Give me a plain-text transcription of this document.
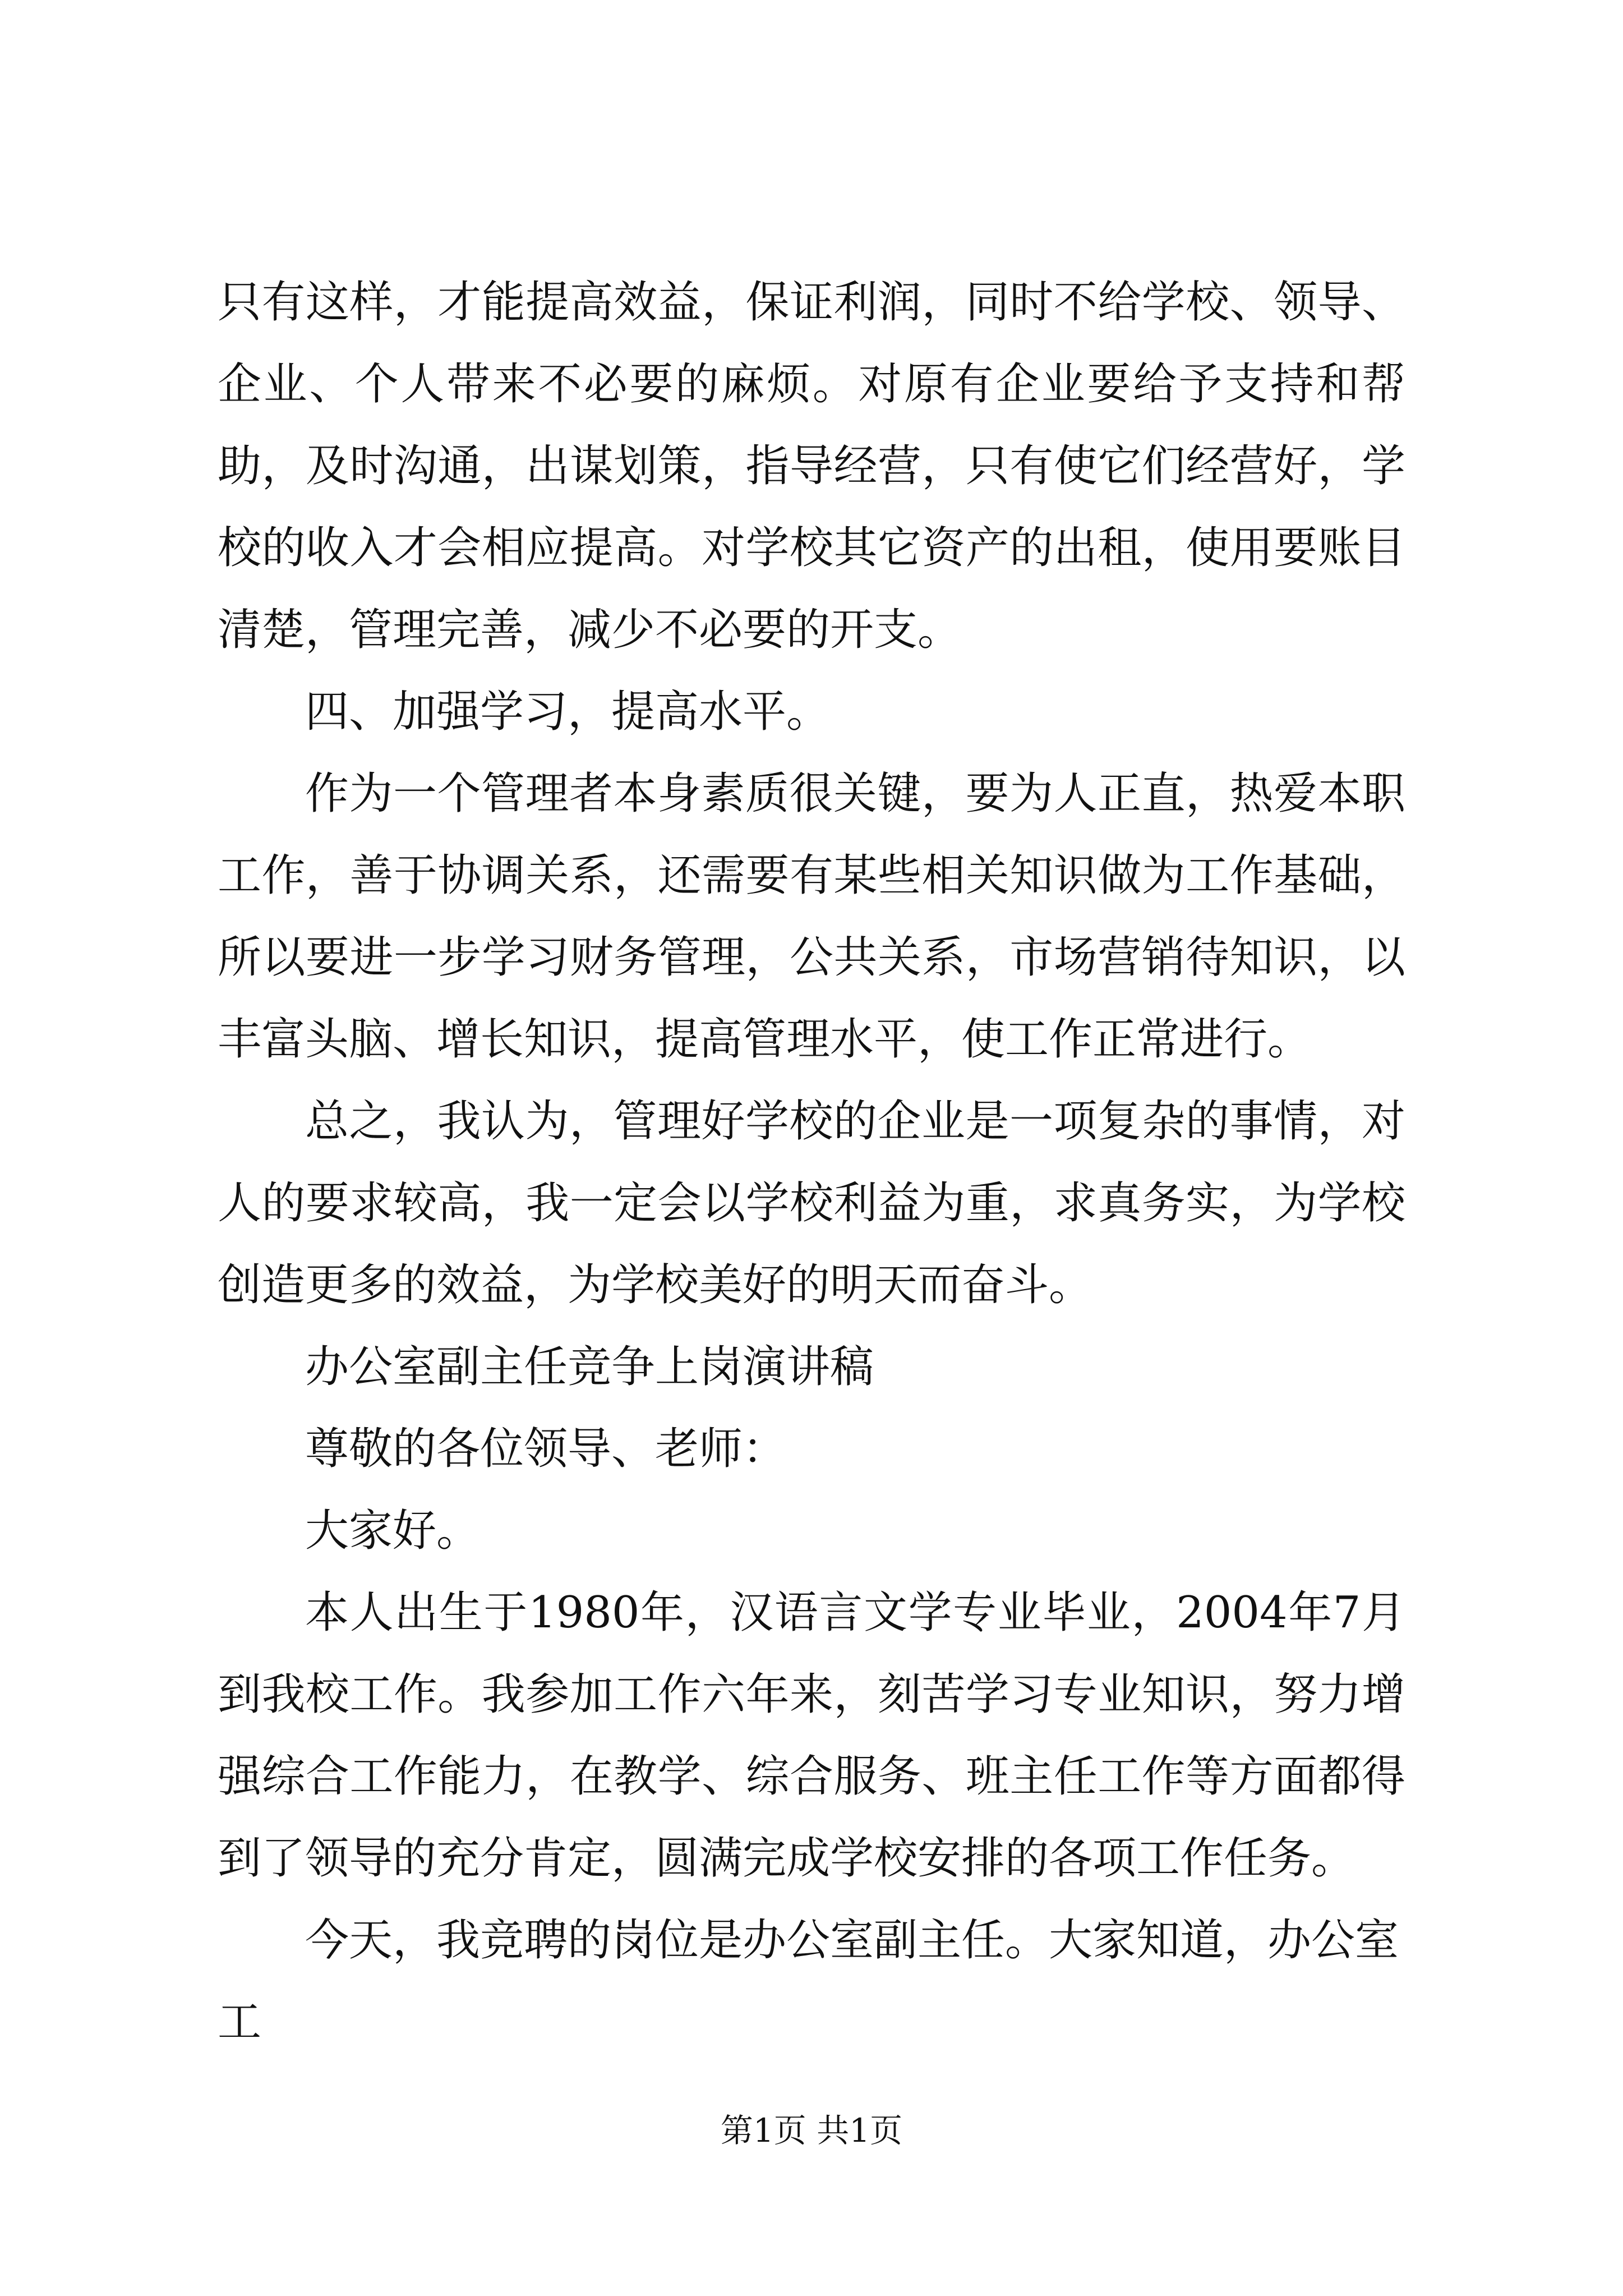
只有这样，才能提高效益，保证利润，同时不给学校、领导、企业、个人带来不必要的麻烦。对原有企业要给予支持和帮助，及时沟通，出谋划策，指导经营，只有使它们经营好，学校的收入才会相应提高。对学校其它资产的出租，使用要账目清楚，管理完善，减少不必要的开支。

四、加强学习，提高水平。

作为一个管理者本身素质很关键，要为人正直，热爱本职工作，善于协调关系，还需要有某些相关知识做为工作基础，所以要进一步学习财务管理，公共关系，市场营销待知识，以丰富头脑、增长知识，提高管理水平，使工作正常进行。

总之，我认为，管理好学校的企业是一项复杂的事情，对人的要求较高，我一定会以学校利益为重，求真务实，为学校创造更多的效益，为学校美好的明天而奋斗。

办公室副主任竞争上岗演讲稿

尊敬的各位领导、老师：

大家好。

本人出生于1980年，汉语言文学专业毕业，2004年7月到我校工作。我参加工作六年来，刻苦学习专业知识，努力增强综合工作能力，在教学、综合服务、班主任工作等方面都得到了领导的充分肯定，圆满完成学校安排的各项工作任务。

今天，我竞聘的岗位是办公室副主任。大家知道，办公室工

第1页 共1页
